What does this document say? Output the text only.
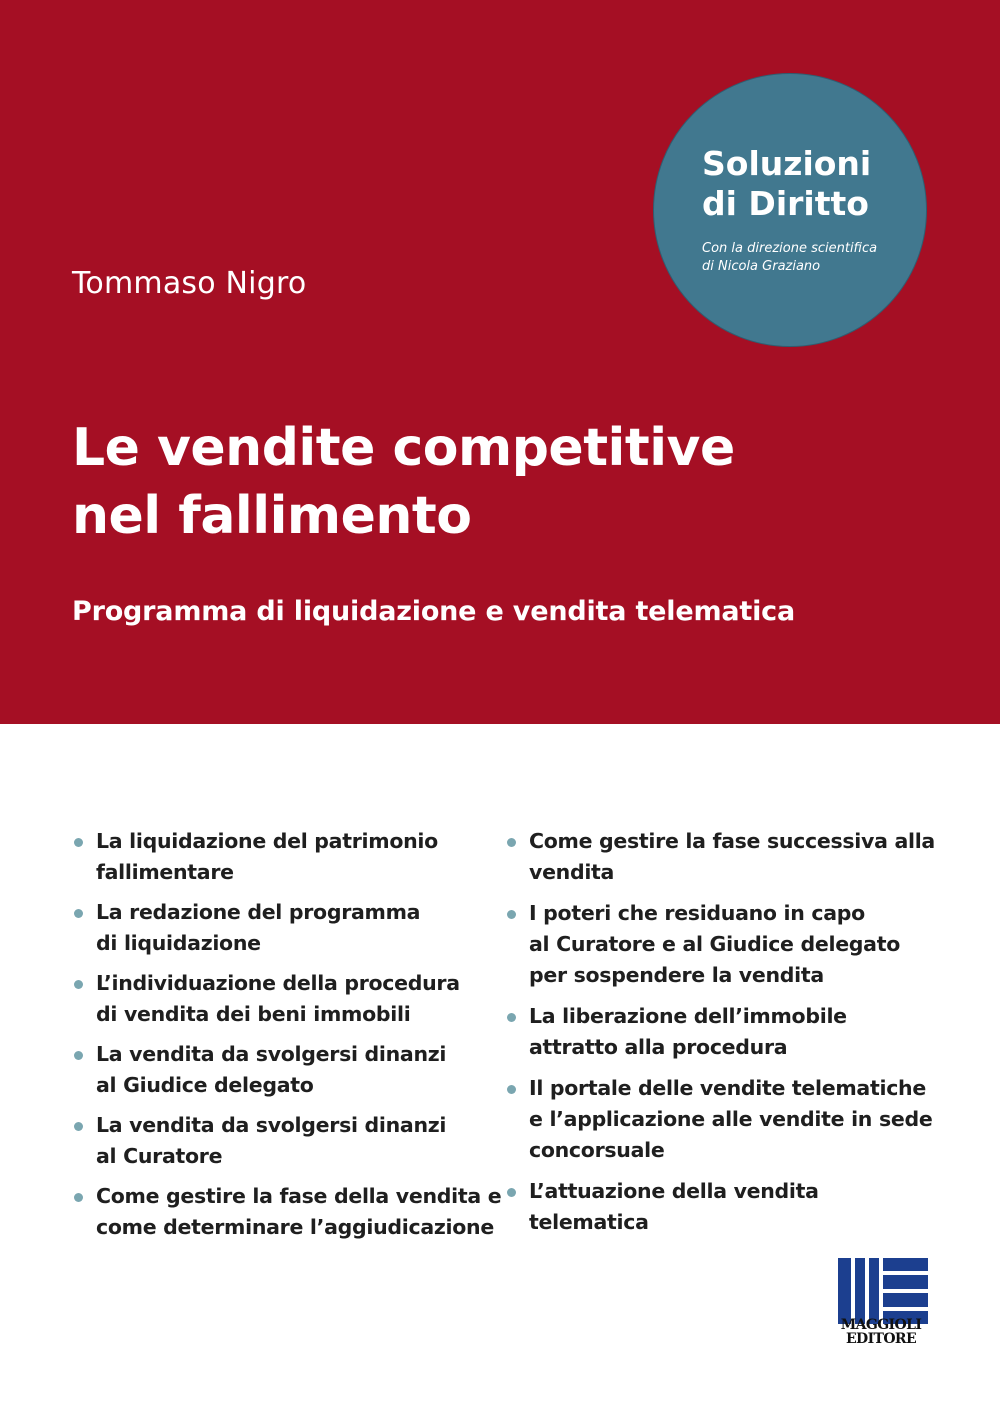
Tommaso Nigro
Soluzioni
di Diritto
Con la direzione scientifica
di Nicola Graziano
Le vendite competitive
nel fallimento
Programma di liquidazione e vendita telematica
La liquidazione del patrimonio
fallimentare
La redazione del programma
di liquidazione
L’individuazione della procedura
di vendita dei beni immobili
La vendita da svolgersi dinanzi
al Giudice delegato
La vendita da svolgersi dinanzi
al Curatore
Come gestire la fase della vendita e
come determinare l’aggiudicazione
Come gestire la fase successiva alla
vendita
I poteri che residuano in capo
al Curatore e al Giudice delegato
per sospendere la vendita
La liberazione dell’immobile
attratto alla procedura
Il portale delle vendite telematiche
e l’applicazione alle vendite in sede
concorsuale
L’attuazione della vendita
telematica
MAGGIOLI
EDITORE
